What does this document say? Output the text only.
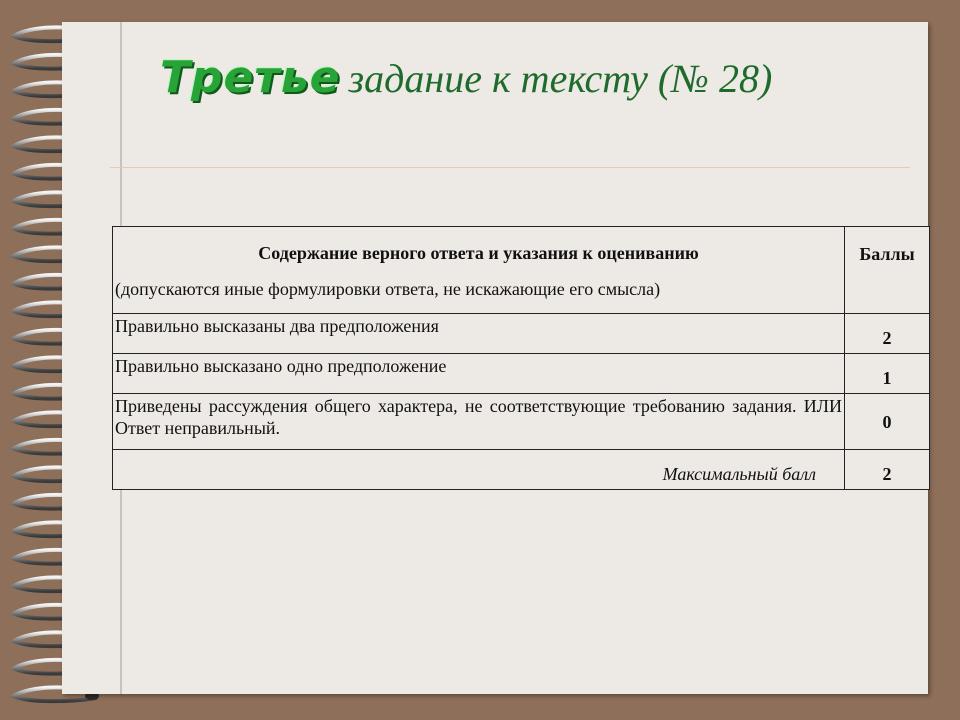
Третье задание к тексту (№ 28)
Содержание верного ответа и указания к оцениванию
(допускаются иные формулировки ответа, не искажающие его смысла)	Баллы
Правильно высказаны два предположения	2
Правильно высказано одно предположение	1
Приведены рассуждения общего характера, не соответствующие требованию задания. ИЛИ Ответ неправильный.	0
Максимальный балл	2
